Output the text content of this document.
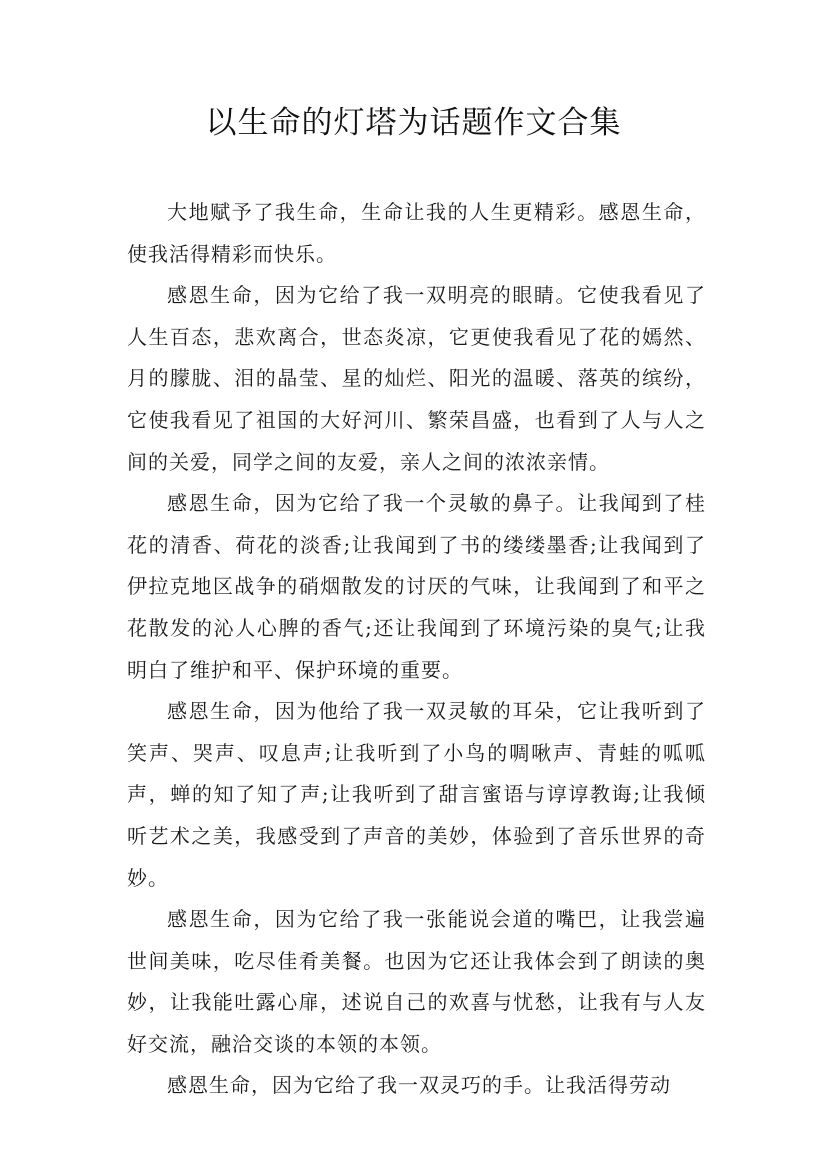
以生命的灯塔为话题作文合集

大地赋予了我生命，生命让我的人生更精彩。感恩生命，使我活得精彩而快乐。

感恩生命，因为它给了我一双明亮的眼睛。它使我看见了人生百态，悲欢离合，世态炎凉，它更使我看见了花的嫣然、月的朦胧、泪的晶莹、星的灿烂、阳光的温暖、落英的缤纷，它使我看见了祖国的大好河川、繁荣昌盛，也看到了人与人之间的关爱，同学之间的友爱，亲人之间的浓浓亲情。

感恩生命，因为它给了我一个灵敏的鼻子。让我闻到了桂花的清香、荷花的淡香;让我闻到了书的缕缕墨香;让我闻到了伊拉克地区战争的硝烟散发的讨厌的气味，让我闻到了和平之花散发的沁人心脾的香气;还让我闻到了环境污染的臭气;让我明白了维护和平、保护环境的重要。

感恩生命，因为他给了我一双灵敏的耳朵，它让我听到了笑声、哭声、叹息声;让我听到了小鸟的啁啾声、青蛙的呱呱声，蝉的知了知了声;让我听到了甜言蜜语与谆谆教诲;让我倾听艺术之美，我感受到了声音的美妙，体验到了音乐世界的奇妙。

感恩生命，因为它给了我一张能说会道的嘴巴，让我尝遍世间美味，吃尽佳肴美餐。也因为它还让我体会到了朗读的奥妙，让我能吐露心扉，述说自己的欢喜与忧愁，让我有与人友好交流，融洽交谈的本领的本领。

感恩生命，因为它给了我一双灵巧的手。让我活得劳动
